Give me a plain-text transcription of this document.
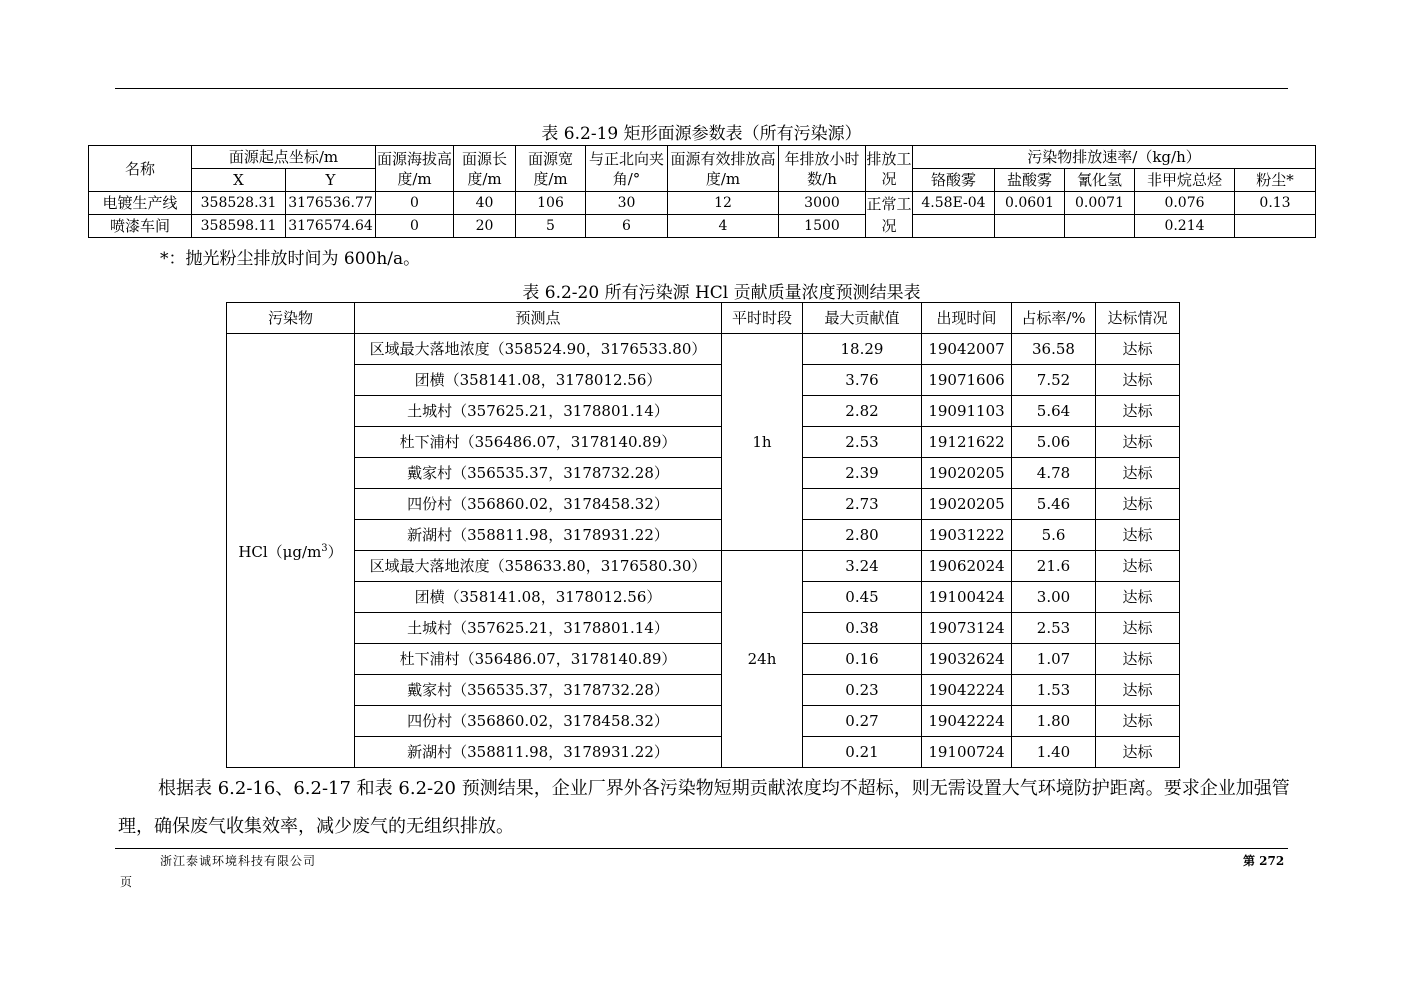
表 6.2-19 矩形面源参数表（所有污染源）
名称	面源起点坐标/m		面源海拔高度/m	面源长度/m	面源宽度/m	与正北向夹角/°	面源有效排放高度/m	年排放小时数/h	排放工况	污染物排放速率/（kg/h）				
	X	Y								铬酸雾	盐酸雾	氰化氢	非甲烷总烃	粉尘*
电镀生产线	358528.31	3176536.77	0	40	106	30	12	3000	正常工况	4.58E-04	0.0601	0.0071	0.076	0.13
喷漆车间	358598.11	3176574.64	0	20	5	6	4	1500					0.214	
*：抛光粉尘排放时间为 600h/a。
表 6.2-20 所有污染源 HCl 贡献质量浓度预测结果表
污染物	预测点	平时时段	最大贡献值	出现时间	占标率/%	达标情况
$HCl(\mu g/m^3)$	区域最大落地浓度（358524.90，3176533.80）	1h	18.29	19042007	36.58	达标
	团横（358141.08，3178012.56）		3.76	19071606	7.52	达标
	土城村（357625.21，3178801.14）		2.82	19091103	5.64	达标
	杜下浦村（356486.07，3178140.89）		2.53	19121622	5.06	达标
	戴家村（356535.37，3178732.28）		2.39	19020205	4.78	达标
	四份村（356860.02，3178458.32）		2.73	19020205	5.46	达标
	新湖村（358811.98，3178931.22）		2.80	19031222	5.6	达标
	区域最大落地浓度（358633.80，3176580.30）	24h	3.24	19062024	21.6	达标
	团横（358141.08，3178012.56）		0.45	19100424	3.00	达标
	土城村（357625.21，3178801.14）		0.38	19073124	2.53	达标
	杜下浦村（356486.07，3178140.89）		0.16	19032624	1.07	达标
	戴家村（356535.37，3178732.28）		0.23	19042224	1.53	达标
	四份村（356860.02，3178458.32）		0.27	19042224	1.80	达标
	新湖村（358811.98，3178931.22）		0.21	19100724	1.40	达标
根据表 6.2-16、6.2-17 和表 6.2-20 预测结果，企业厂界外各污染物短期贡献浓度均不超标，则无需设置大气环境防护距离。要求企业加强管理，确保废气收集效率，减少废气的无组织排放。
浙江泰诚环境科技有限公司	第 272
页
